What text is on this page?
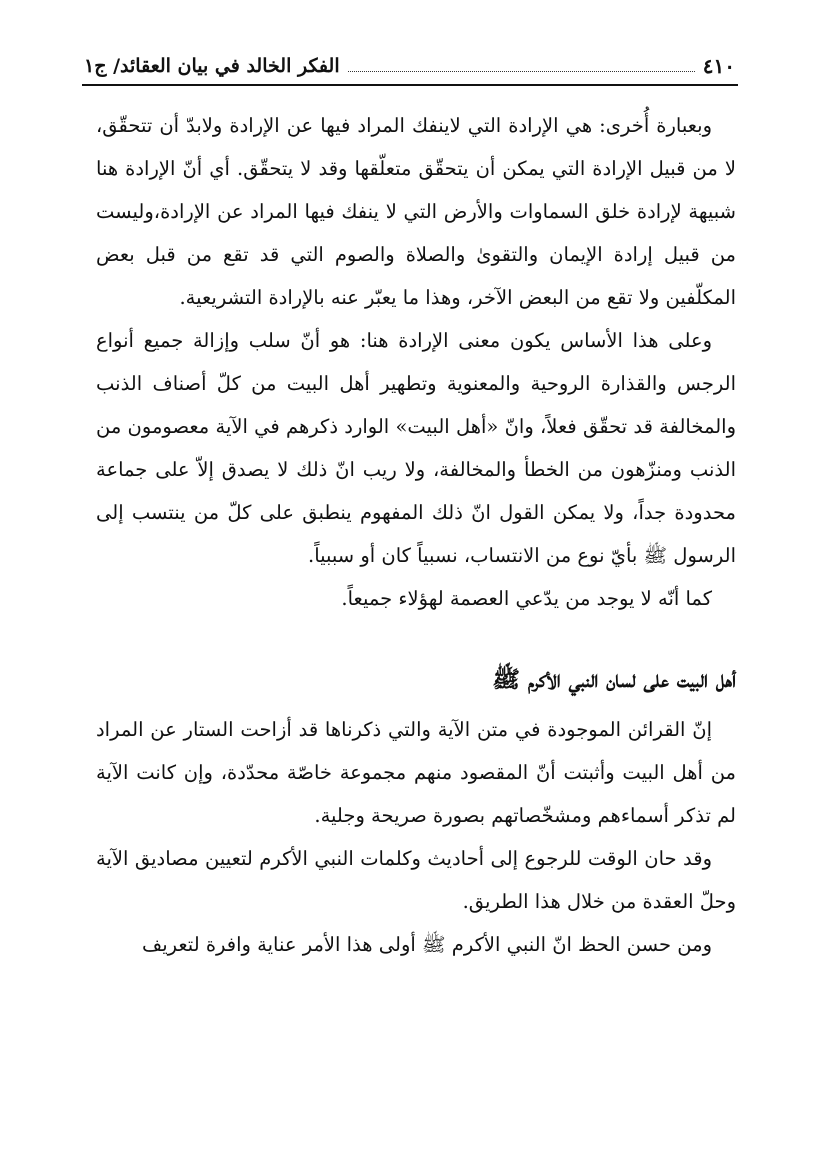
٤١٠
الفكر الخالد في بيان العقائد/ ج١

وبعبارة أُخرى: هي الإرادة التي لاينفك المراد فيها عن الإرادة ولابدّ أن تتحقّق، لا من قبيل الإرادة التي يمكن أن يتحقّق متعلّقها وقد لا يتحقّق. أي أنّ الإرادة هنا شبيهة لإرادة خلق السماوات والأرض التي لا ينفك فيها المراد عن الإرادة،وليست من قبيل إرادة الإيمان والتقوىٰ والصلاة والصوم التي قد تقع من قبل بعض المكلّفين ولا تقع من البعض الآخر، وهذا ما يعبّر عنه بالإرادة التشريعية.

وعلى هذا الأساس يكون معنى الإرادة هنا: هو أنّ سلب وإزالة جميع أنواع الرجس والقذارة الروحية والمعنوية وتطهير أهل البيت من كلّ أصناف الذنب والمخالفة قد تحقّق فعلاً، وانّ «أهل البيت» الوارد ذكرهم في الآية معصومون من الذنب ومنزّهون من الخطأ والمخالفة، ولا ريب انّ ذلك لا يصدق إلاّ على جماعة محدودة جداً، ولا يمكن القول انّ ذلك المفهوم ينطبق على كلّ من ينتسب إلى الرسول ﷺ بأيّ نوع من الانتساب، نسبياً كان أو سببياً.

كما أنّه لا يوجد من يدّعي العصمة لهؤلاء جميعاً.

أهل البيت على لسان النبي الأكرم ﷺ

إنّ القرائن الموجودة في متن الآية والتي ذكرناها قد أزاحت الستار عن المراد من أهل البيت وأثبتت أنّ المقصود منهم مجموعة خاصّة محدّدة، وإن كانت الآية لم تذكر أسماءهم ومشخّصاتهم بصورة صريحة وجلية.

وقد حان الوقت للرجوع إلى أحاديث وكلمات النبي الأكرم لتعيين مصاديق الآية وحلّ العقدة من خلال هذا الطريق.

ومن حسن الحظ انّ النبي الأكرم ﷺ أولى هذا الأمر عناية وافرة لتعريف
